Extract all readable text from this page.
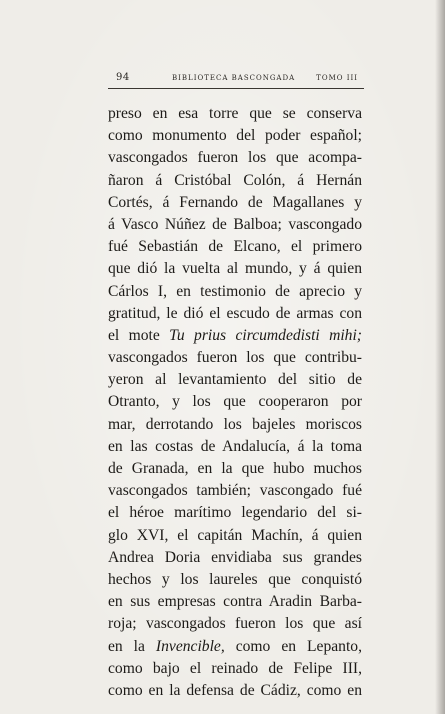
94	BIBLIOTECA BASCONGADA	TOMO III
preso en esa torre que se conserva
como monumento del poder español;
vascongados fueron los que acompa-
ñaron á Cristóbal Colón, á Hernán
Cortés, á Fernando de Magallanes y
á Vasco Núñez de Balboa; vascongado
fué Sebastián de Elcano, el primero
que dió la vuelta al mundo, y á quien
Cárlos I, en testimonio de aprecio y
gratitud, le dió el escudo de armas con
el mote Tu prius circumdedisti mihi;
vascongados fueron los que contribu-
yeron al levantamiento del sitio de
Otranto, y los que cooperaron por
mar, derrotando los bajeles moriscos
en las costas de Andalucía, á la toma
de Granada, en la que hubo muchos
vascongados también; vascongado fué
el héroe marítimo legendario del si-
glo XVI, el capitán Machín, á quien
Andrea Doria envidiaba sus grandes
hechos y los laureles que conquistó
en sus empresas contra Aradin Barba-
roja; vascongados fueron los que así
en la Invencible, como en Lepanto,
como bajo el reinado de Felipe III,
como en la defensa de Cádiz, como en
